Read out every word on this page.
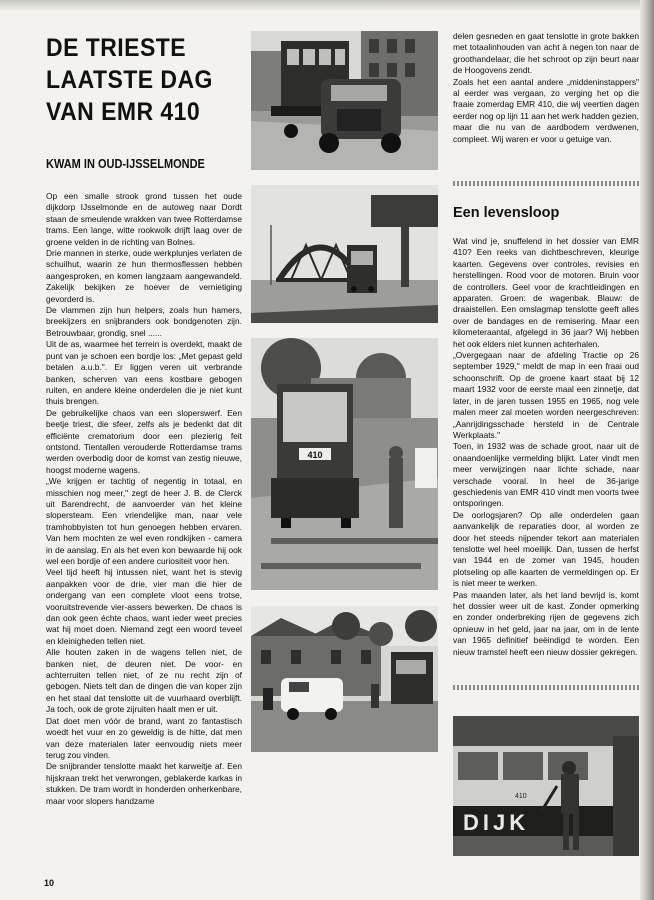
DE TRIESTE
LAATSTE DAG
VAN EMR 410
KWAM IN OUD-IJSSELMONDE

Op een smalle strook grond tussen het oude dijkdorp IJsselmonde en de autoweg naar Dordt staan de smeulende wrakken van twee Rotterdamse trams. Een lange, witte rookwolk drijft laag over de groene velden in de richting van Bolnes.

Drie mannen in sterke, oude werkplunjes verlaten de schuilhut, waarin ze hun thermosflessen hebben aangesproken, en komen langzaam aangewandeld. Zakelijk bekijken ze hoever de vernietiging gevorderd is.

De vlammen zijn hun helpers, zoals hun hamers, breekijzers en snijbranders ook bondgenoten zijn. Betrouwbaar, grondig, snel ......

Uit de as, waarmee het terrein is overdekt, maakt de punt van je schoen een bordje los: „Met gepast geld betalen a.u.b.". Er liggen veren uit verbrande banken, scherven van eens kostbare gebogen ruiten, en andere kleine onderdelen die je niet kunt thuis brengen.

De gebruikelijke chaos van een sloperswerf. Een beetje triest, die sfeer, zelfs als je bedenkt dat dit efficiënte crematorium door een plezierig feit ontstond. Tientallen verouderde Rotterdamse trams werden overbodig door de komst van zestig nieuwe, hoogst moderne wagens.

„We krijgen er tachtig of negentig in totaal, en misschien nog meer," zegt de heer J. B. de Clerck uit Barendrecht, de aanvoerder van het kleine slopersteam. Een vriendelijke man, naar vele tramhobbyisten tot hun genoegen hebben ervaren. Van hem mochten ze wel even rondkijken - camera in de aanslag. En als het even kon bewaarde hij ook wel een bordje of een andere curiositeit voor hen.

Veel tijd heeft hij intussen niet, want het is stevig aanpakken voor de drie, vier man die hier de ondergang van een complete vloot eens trotse, vooruitstrevende vier-assers bewerken. De chaos is dan ook geen échte chaos, want ieder weet precies wat hij moet doen. Niemand zegt een woord teveel en kleinigheden tellen niet.

Alle houten zaken in de wagens tellen niet, de banken niet, de deuren niet. De voor- en achterruiten tellen niet, of ze nu recht zijn of gebogen. Niets telt dan de dingen die van koper zijn en het staal dat tenslotte uit de vuurhaard overblijft. Ja toch, ook de grote zijruiten haalt men er uit.

Dat doet men vóór de brand, want zo fantastisch woedt het vuur en zo geweldig is de hitte, dat men van deze materialen later eenvoudig niets meer terug zou vinden.

De snijbrander tenslotte maakt het karweitje af. Een hijskraan trekt het verwrongen, geblakerde karkas in stukken. De tram wordt in honderden onherkenbare, maar voor slopers handzame

410

delen gesneden en gaat tenslotte in grote bakken met totaalinhouden van acht à negen ton naar de groothandelaar, die het schroot op zijn beurt naar de Hoogovens zendt.

Zoals het een aantal andere „middeninstappers" al eerder was vergaan, zo verging het op die fraaie zomerdag EMR 410, die wij veertien dagen eerder nog op lijn 11 aan het werk hadden gezien, maar die nu van de aardbodem verdwenen, compleet. Wij waren er voor u getuige van.

Een levensloop

Wat vind je, snuffelend in het dossier van EMR 410? Een reeks van dichtbeschreven, kleurige kaarten. Gegevens over controles, revisies en herstellingen. Rood voor de motoren. Bruin voor de controllers. Geel voor de krachtleidingen en apparaten. Groen: de wagenbak. Blauw: de draaistellen. Een omslagmap tenslotte geeft alles over de bandages en de remisering. Maar een kilometeraantal, afgelegd in 36 jaar? Wij hebben het ook elders niet kunnen achterhalen.

„Overgegaan naar de afdeling Tractie op 26 september 1929," meldt de map in een fraai oud schoonschrift. Op de groene kaart staat bij 12 maart 1932 voor de eerste maal een zinnetje, dat later, in de jaren tussen 1955 en 1965, nog vele malen meer zal moeten worden neergeschreven: „Aanrijdingsschade hersteld in de Centrale Werkplaats."

Toen, in 1932 was de schade groot, naar uit de onaandoenlijke vermelding blijkt. Later vindt men meer verwijzingen naar lichte schade, naar verschade vooral. In heel de 36-jarige geschiedenis van EMR 410 vindt men voorts twee ontsporingen.

De oorlogsjaren? Op alle onderdelen gaan aanvankelijk de reparaties door, al worden ze door het steeds nijpender tekort aan materialen tenslotte wel heel moeilijk. Dan, tussen de herfst van 1944 en de zomer van 1945, houden plotseling op alle kaarten de vermeldingen op. Er is niet meer te werken.

Pas maanden later, als het land bevrijd is, komt het dossier weer uit de kast. Zonder opmerking en zonder onderbreking rijen de gegevens zich opnieuw in het geld, jaar na jaar, om in de lente van 1965 definitief beëindigd te worden. Een nieuw tramstel heeft een nieuw dossier gekregen.

410
DIJK
10
